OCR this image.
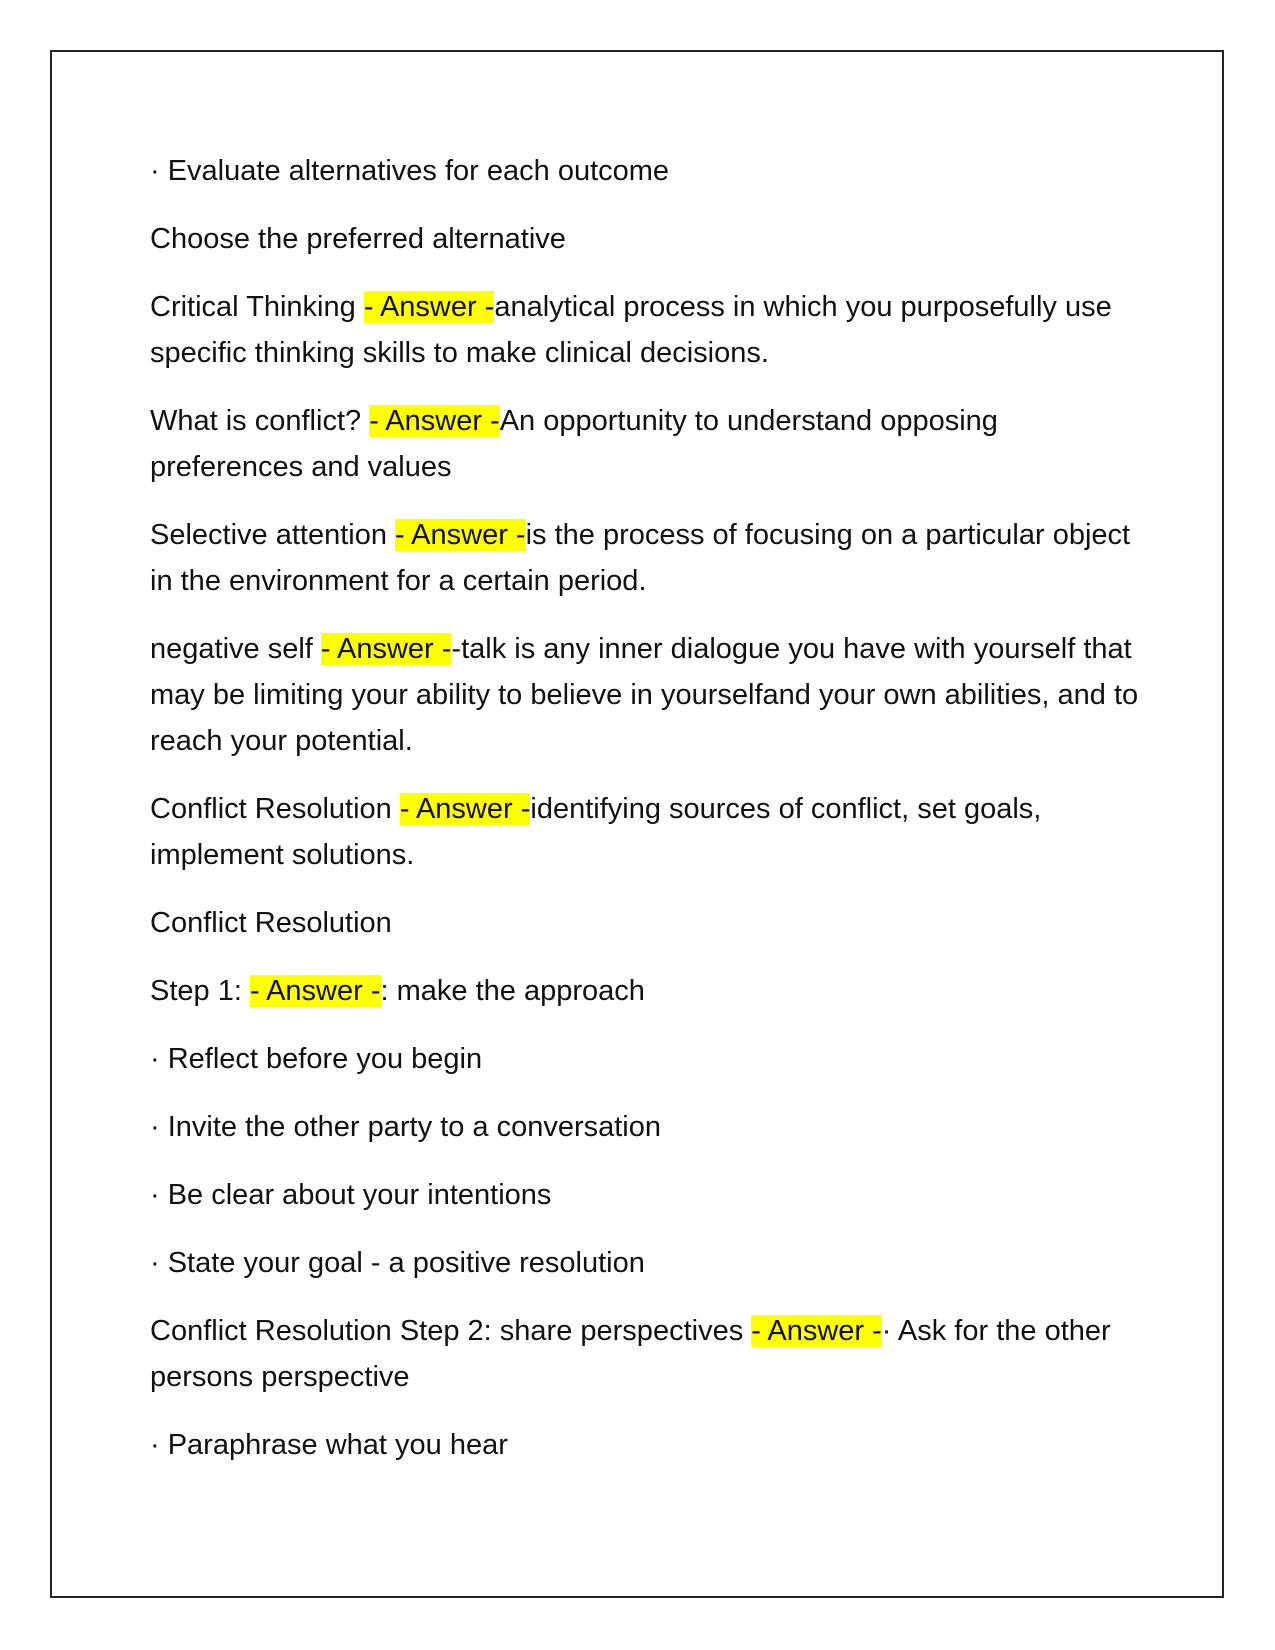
· Evaluate alternatives for each outcome

Choose the preferred alternative

Critical Thinking - Answer -analytical process in which you purposefully use specific thinking skills to make clinical decisions.

What is conflict? - Answer -An opportunity to understand opposing preferences and values

Selective attention - Answer -is the process of focusing on a particular object in the environment for a certain period.

negative self - Answer --talk is any inner dialogue you have with yourself that may be limiting your ability to believe in yourselfand your own abilities, and to reach your potential.

Conflict Resolution - Answer -identifying sources of conflict, set goals, implement solutions.

Conflict Resolution

Step 1: - Answer -: make the approach

· Reflect before you begin

· Invite the other party to a conversation

· Be clear about your intentions

· State your goal - a positive resolution

Conflict Resolution Step 2: share perspectives - Answer -· Ask for the other persons perspective

· Paraphrase what you hear
